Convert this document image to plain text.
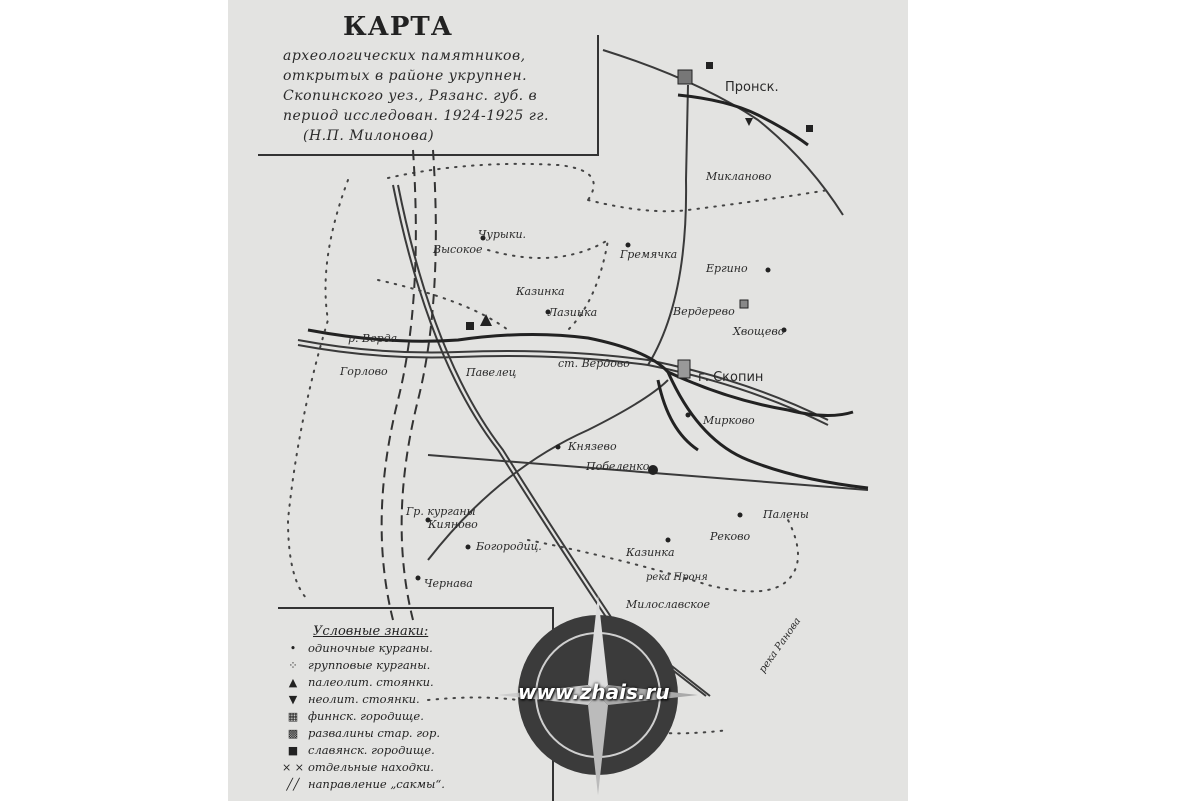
КАРТА
археологических памятников,
открытых в районе укрупнен.
Скопинского уез., Рязанс. губ. в
период исследован. 1924-1925 гг.
(Н.П. Милонова)
Пронск.
г. Скопин
Микланово
Чурыки.
Высокое	Гремячка
Ергино
Казинка
Лазинка	Вердерево
Хвощево
р. Верда
Горлово	Павелец
ст. Вердово
Мирково
Князево
Побеленко
Палены
Реково
Казинка
река Проня
Гр. курганы
Кияново
Богородиц.
Чернава
Милославское
река Ранова
Условные знаки:
•	одиночные курганы.
⁘ групповые курганы.
▲ палеолит. стоянки.
▼ неолит. стоянки.
▦ финнск. городище.
▩ развалины стар. гор.
■ славянск. городище.
× × отдельные находки.
╱╱ направление „сакмы“.
www.zhais.ru
